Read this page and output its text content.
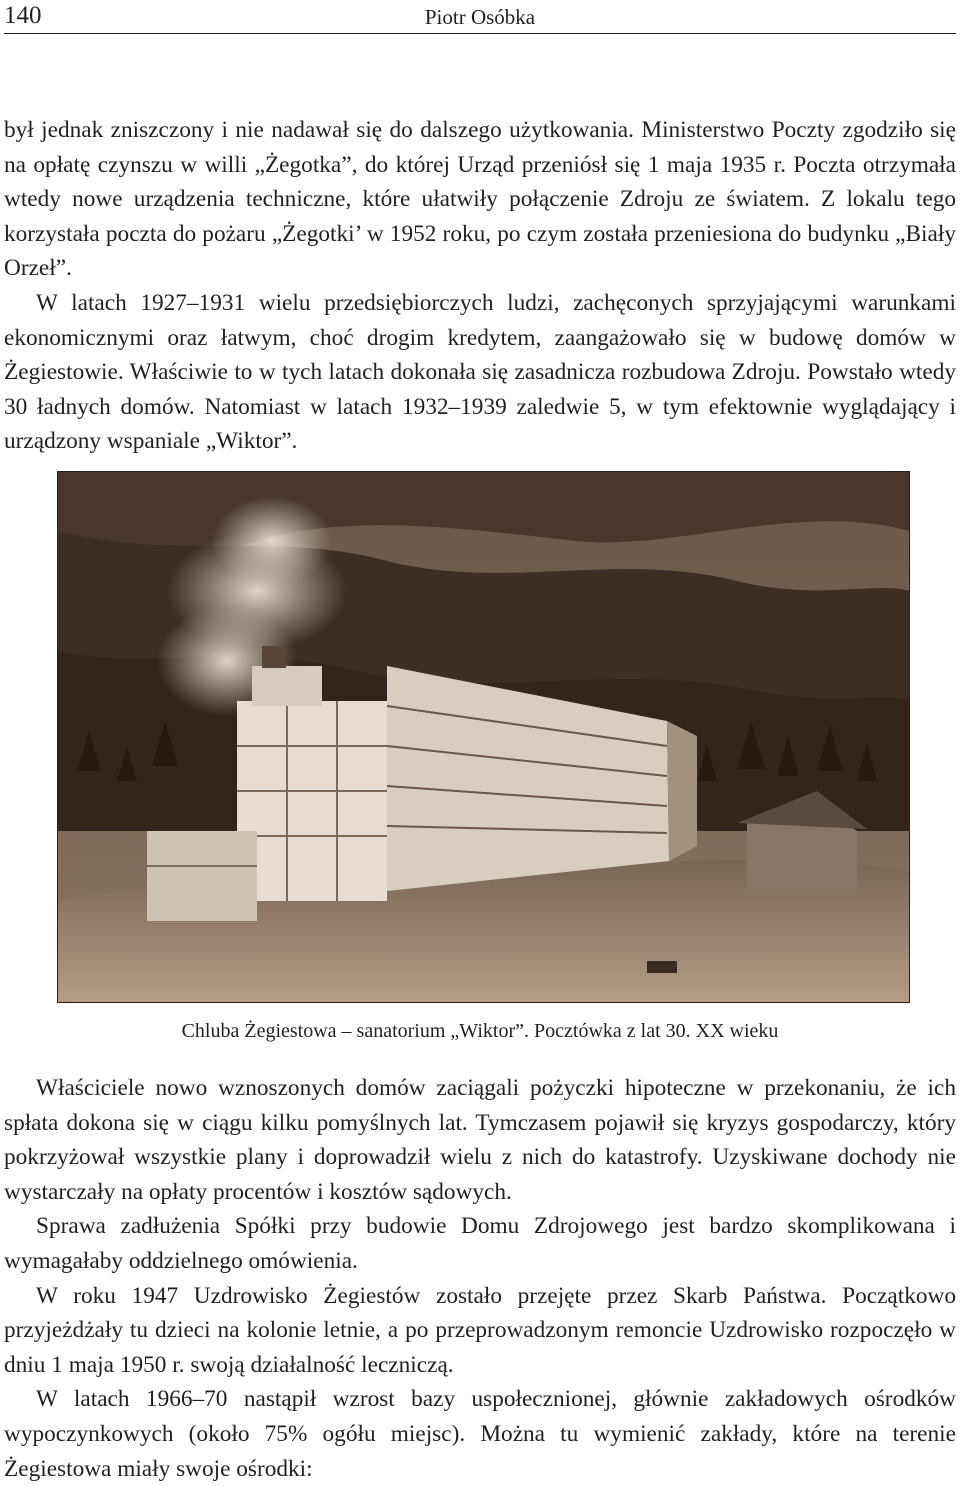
140	Piotr Osóbka

był jednak zniszczony i nie nadawał się do dalszego użytkowania. Ministerstwo Poczty zgodziło się na opłatę czynszu w willi „Żegotka”, do której Urząd przeniósł się 1 maja 1935 r. Poczta otrzymała wtedy nowe urządzenia techniczne, które ułatwiły połączenie Zdroju ze światem. Z lokalu tego korzystała poczta do pożaru „Żegotki’ w 1952 roku, po czym została przeniesiona do budynku „Biały Orzeł”.

W latach 1927–1931 wielu przedsiębiorczych ludzi, zachęconych sprzyjającymi warunkami ekonomicznymi oraz łatwym, choć drogim kredytem, zaangażowało się w budowę domów w Żegiestowie. Właściwie to w tych latach dokonała się zasadnicza rozbudowa Zdroju. Powstało wtedy 30 ładnych domów. Natomiast w latach 1932–1939 zaledwie 5, w tym efektownie wyglądający i urządzony wspaniale „Wiktor”.

Chluba Żegiestowa – sanatorium „Wiktor”. Pocztówka z lat 30. XX wieku

Właściciele nowo wznoszonych domów zaciągali pożyczki hipoteczne w przekonaniu, że ich spłata dokona się w ciągu kilku pomyślnych lat. Tymczasem pojawił się kryzys gospodarczy, który pokrzyżował wszystkie plany i doprowadził wielu z nich do katastrofy. Uzyskiwane dochody nie wystarczały na opłaty procentów i kosztów sądowych.

Sprawa zadłużenia Spółki przy budowie Domu Zdrojowego jest bardzo skomplikowana i wymagałaby oddzielnego omówienia.

W roku 1947 Uzdrowisko Żegiestów zostało przejęte przez Skarb Państwa. Początkowo przyjeżdżały tu dzieci na kolonie letnie, a po przeprowadzonym remoncie Uzdrowisko rozpoczęło w dniu 1 maja 1950 r. swoją działalność leczniczą.

W latach 1966–70 nastąpił wzrost bazy uspołecznionej, głównie zakładowych ośrodków wypoczynkowych (około 75% ogółu miejsc). Można tu wymienić zakłady, które na terenie Żegiestowa miały swoje ośrodki:
